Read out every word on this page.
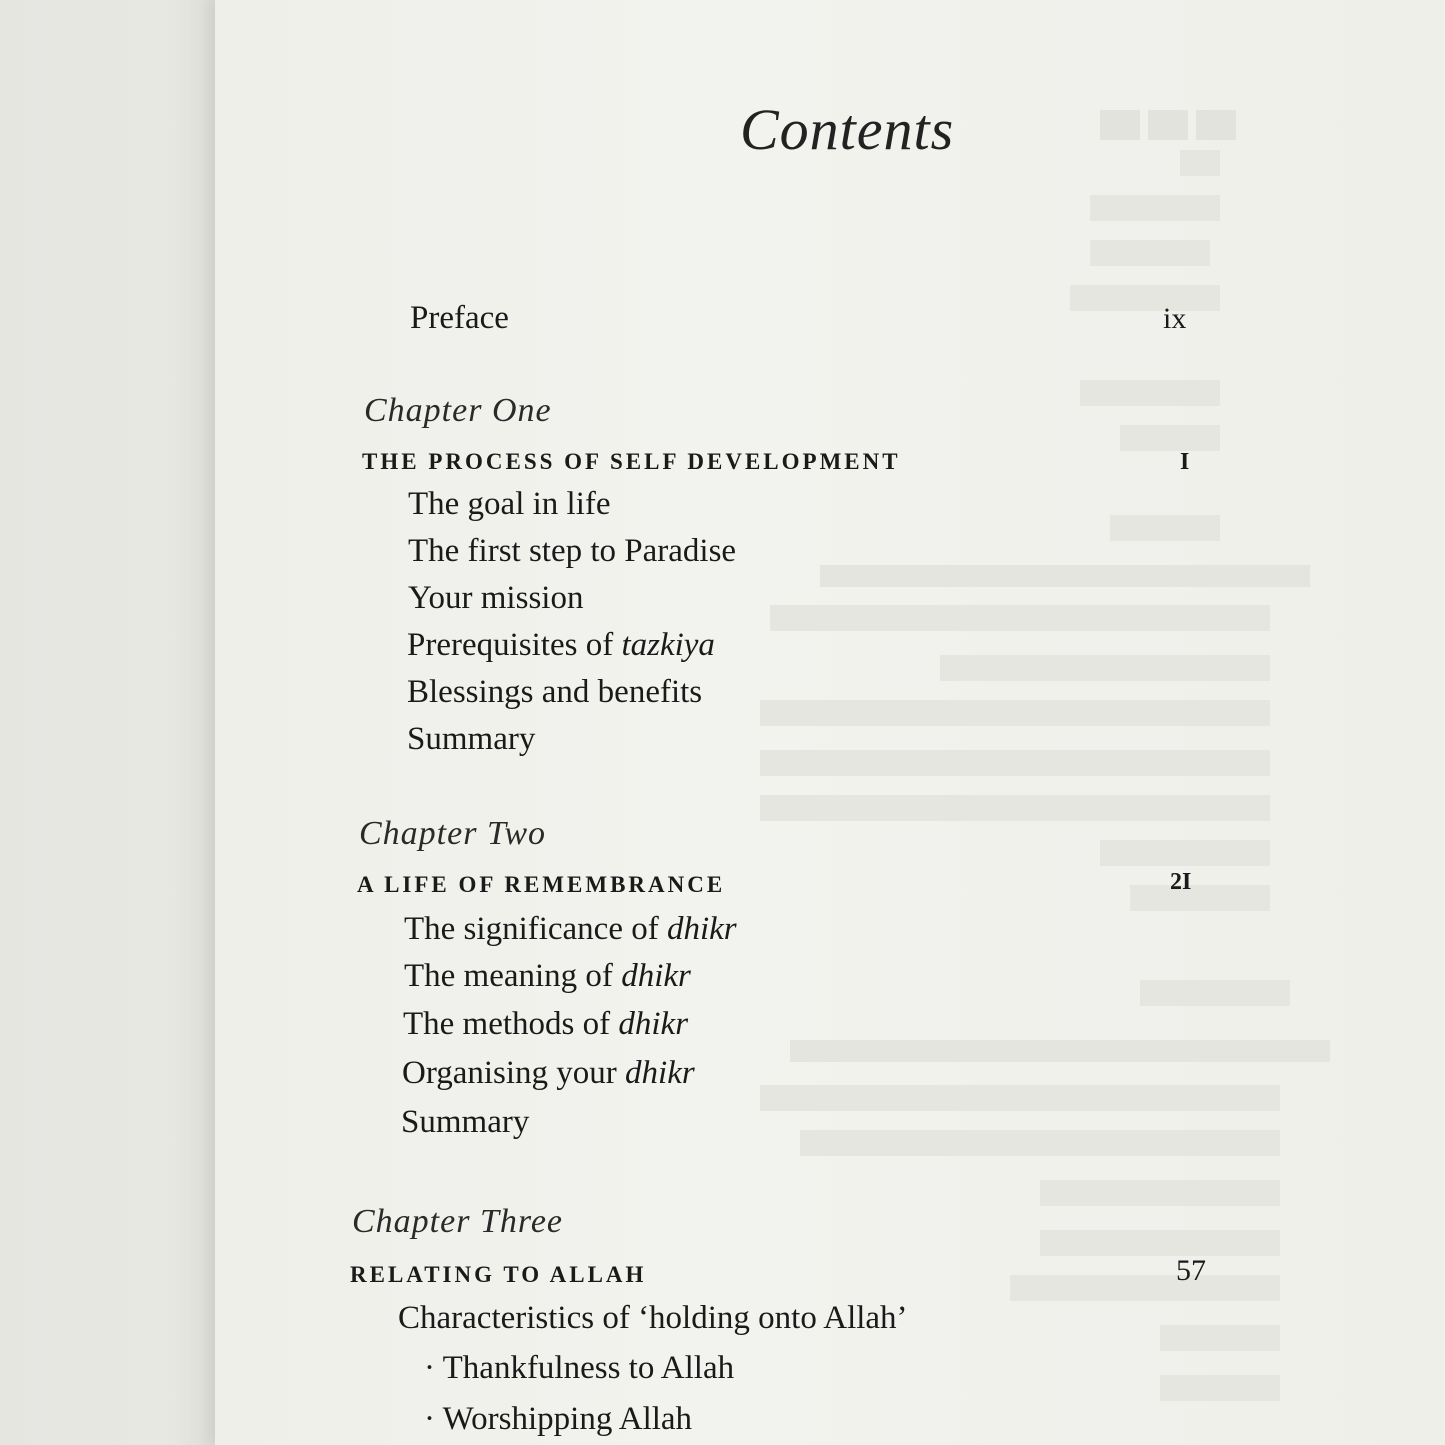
Contents
Preface	ix
Chapter One
THE PROCESS OF SELF DEVELOPMENT	I
The goal in life
The first step to Paradise
Your mission
Prerequisites of tazkiya
Blessings and benefits
Summary
Chapter Two
A LIFE OF REMEMBRANCE	2I
The significance of dhikr
The meaning of dhikr
The methods of dhikr
Organising your dhikr
Summary
Chapter Three
RELATING TO ALLAH	57
Characteristics of ‘holding onto Allah’
· Thankfulness to Allah
· Worshipping Allah
